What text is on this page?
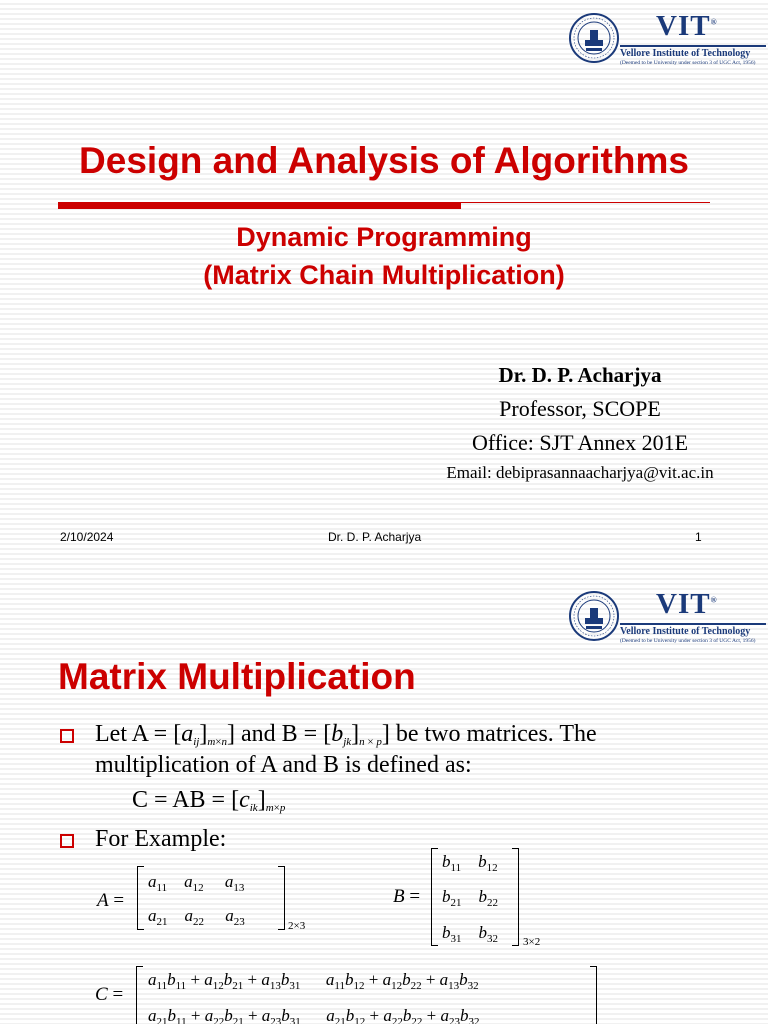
VIT®
Vellore Institute of Technology
(Deemed to be University under section 3 of UGC Act, 1956)
Design and Analysis of Algorithms
Dynamic Programming
(Matrix Chain Multiplication)
Dr. D. P. Acharjya
Professor, SCOPE
Office: SJT Annex 201E
Email: debiprasannaacharjya@vit.ac.in
2/10/2024	Dr. D. P. Acharjya	1
VIT®
Vellore Institute of Technology
(Deemed to be University under section 3 of UGC Act, 1956)
Matrix Multiplication
Let $A = [a_{ij}]_{m\times n}$] and $B = [b_{jk}]_{n \times p}$] be two matrices. The
multiplication of A and B is defined as:
C = AB = $[c_{ik}]_{m\times p}$
For Example:
A =
$a_{11}$ $a_{12}$ $a_{13}$
$a_{21}$ $a_{22}$ $a_{23}$	2×3
B =
$b_{11}$ $b_{12}$
$b_{21}$ $b_{22}$
$b_{31}$ $b_{32}$ 3×2
C =
$a_{11}b_{11} + a_{12}b_{21} + a_{13}b_{31}$ $a_{11}b_{12} + a_{12}b_{22} + a_{13}b_{32}$
$a_{21}b_{11} + a_{22}b_{21} + a_{23}b_{31}$ $a_{21}b_{12} + a_{22}b_{22} + a_{23}b_{32}$
